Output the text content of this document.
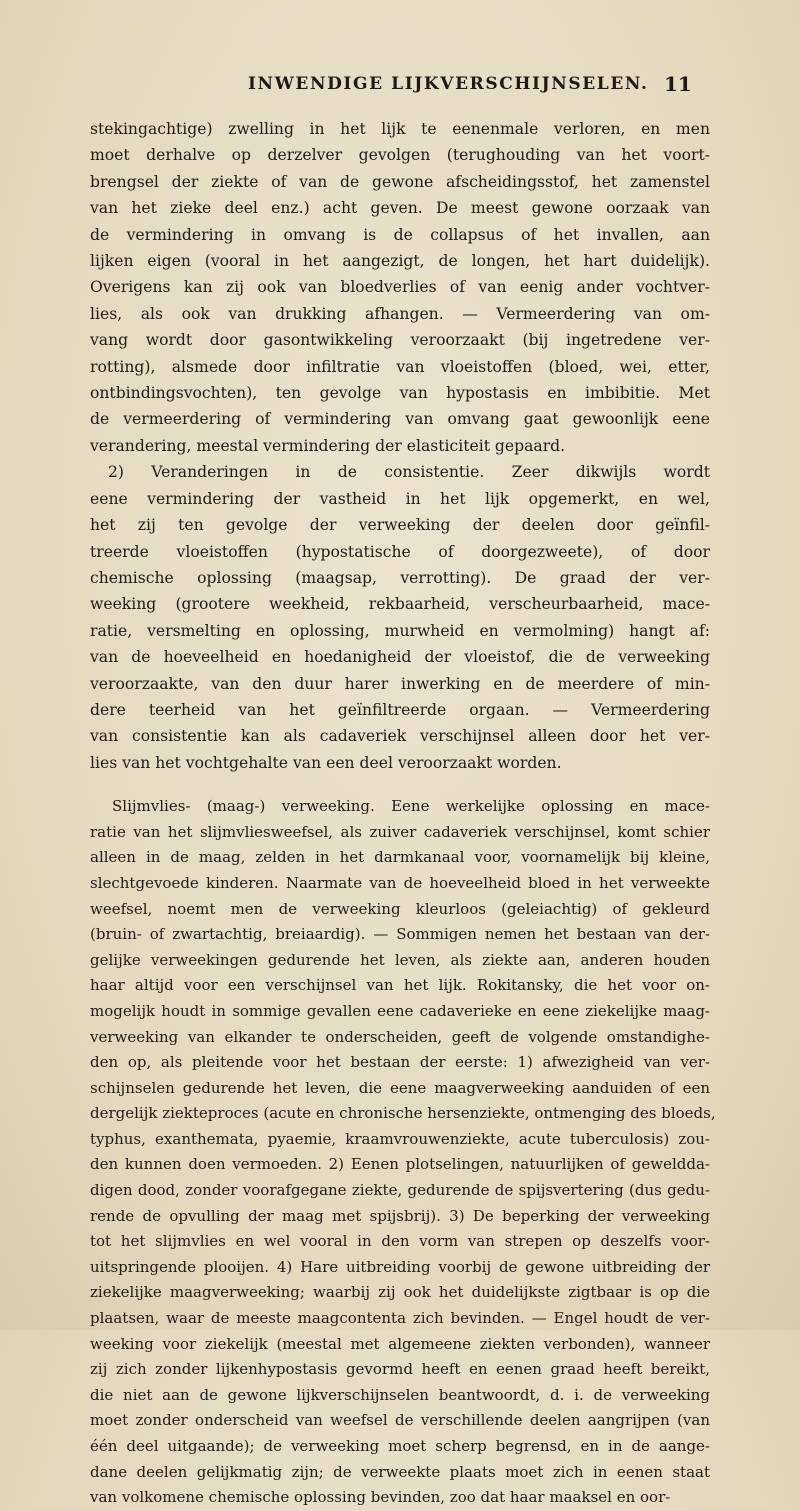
INWENDIGE LIJKVERSCHIJNSELEN. 11
stekingachtige) zwelling in het lijk te eenenmale verloren, en men
moet derhalve op derzelver gevolgen (terughouding van het voort-
brengsel der ziekte of van de gewone afscheidingsstof, het zamenstel
van het zieke deel enz.) acht geven. De meest gewone oorzaak van
de vermindering in omvang is de collapsus of het invallen, aan
lijken eigen (vooral in het aangezigt, de longen, het hart duidelijk).
Overigens kan zij ook van bloedverlies of van eenig ander vochtver-
lies, als ook van drukking afhangen. — Vermeerdering van om-
vang wordt door gasontwikkeling veroorzaakt (bij ingetredene ver-
rotting), alsmede door infiltratie van vloeistoffen (bloed, wei, etter,
ontbindingsvochten), ten gevolge van hypostasis en imbibitie. Met
de vermeerdering of vermindering van omvang gaat gewoonlijk eene
verandering, meestal vermindering der elasticiteit gepaard.
2) Veranderingen in de consistentie. Zeer dikwijls wordt
eene vermindering der vastheid in het lijk opgemerkt, en wel,
het zij ten gevolge der verweeking der deelen door geïnfil-
treerde vloeistoffen (hypostatische of doorgezweete), of door
chemische oplossing (maagsap, verrotting). De graad der ver-
weeking (grootere weekheid, rekbaarheid, verscheurbaarheid, mace-
ratie, versmelting en oplossing, murwheid en vermolming) hangt af:
van de hoeveelheid en hoedanigheid der vloeistof, die de verweeking
veroorzaakte, van den duur harer inwerking en de meerdere of min-
dere teerheid van het geïnfiltreerde orgaan. — Vermeerdering
van consistentie kan als cadaveriek verschijnsel alleen door het ver-
lies van het vochtgehalte van een deel veroorzaakt worden.
Slijmvlies- (maag-) verweeking. Eene werkelijke oplossing en mace-
ratie van het slijmvliesweefsel, als zuiver cadaveriek verschijnsel, komt schier
alleen in de maag, zelden in het darmkanaal voor, voornamelijk bij kleine,
slechtgevoede kinderen. Naarmate van de hoeveelheid bloed in het verweekte
weefsel, noemt men de verweeking kleurloos (geleiachtig) of gekleurd
(bruin- of zwartachtig, breiaardig). — Sommigen nemen het bestaan van der-
gelijke verweekingen gedurende het leven, als ziekte aan, anderen houden
haar altijd voor een verschijnsel van het lijk. Rokitansky, die het voor on-
mogelijk houdt in sommige gevallen eene cadaverieke en eene ziekelijke maag-
verweeking van elkander te onderscheiden, geeft de volgende omstandighe-
den op, als pleitende voor het bestaan der eerste: 1) afwezigheid van ver-
schijnselen gedurende het leven, die eene maagverweeking aanduiden of een
dergelijk ziekteproces (acute en chronische hersenziekte, ontmenging des bloeds,
typhus, exanthemata, pyaemie, kraamvrouwenziekte, acute tuberculosis) zou-
den kunnen doen vermoeden. 2) Eenen plotselingen, natuurlijken of geweldda-
digen dood, zonder voorafgegane ziekte, gedurende de spijsvertering (dus gedu-
rende de opvulling der maag met spijsbrij). 3) De beperking der verweeking
tot het slijmvlies en wel vooral in den vorm van strepen op deszelfs voor-
uitspringende plooijen. 4) Hare uitbreiding voorbij de gewone uitbreiding der
ziekelijke maagverweeking; waarbij zij ook het duidelijkste zigtbaar is op die
plaatsen, waar de meeste maagcontenta zich bevinden. — Engel houdt de ver-
weeking voor ziekelijk (meestal met algemeene ziekten verbonden), wanneer
zij zich zonder lijkenhypostasis gevormd heeft en eenen graad heeft bereikt,
die niet aan de gewone lijkverschijnselen beantwoordt, d. i. de verweeking
moet zonder onderscheid van weefsel de verschillende deelen aangrijpen (van
één deel uitgaande); de verweeking moet scherp begrensd, en in de aange-
dane deelen gelijkmatig zijn; de verweekte plaats moet zich in eenen staat
van volkomene chemische oplossing bevinden, zoo dat haar maaksel en oor-
